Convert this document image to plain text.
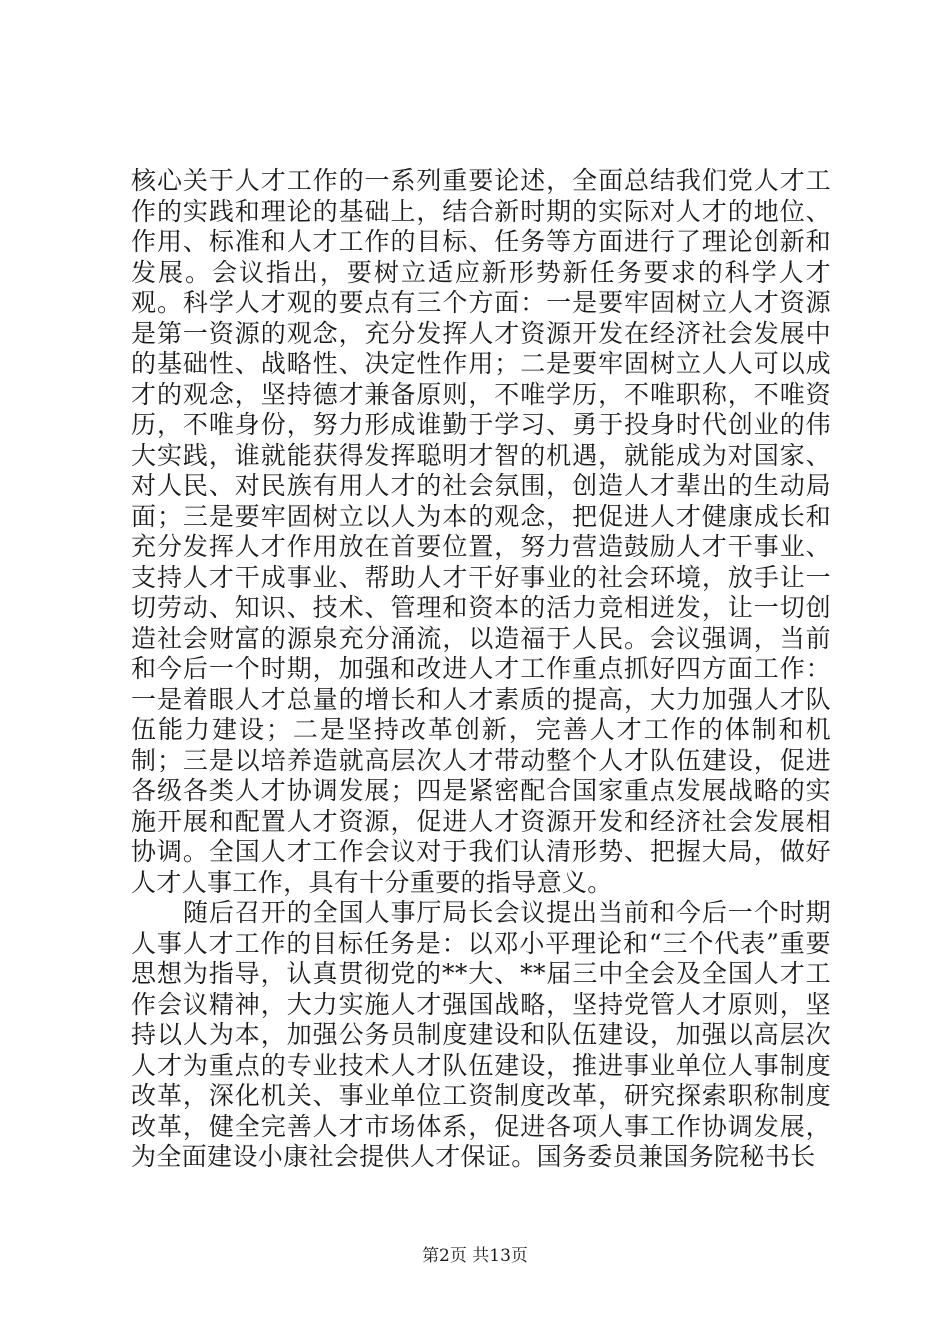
核心关于人才工作的一系列重要论述，全面总结我们党人才工作的实践和理论的基础上，结合新时期的实际对人才的地位、作用、标准和人才工作的目标、任务等方面进行了理论创新和发展。会议指出，要树立适应新形势新任务要求的科学人才观。科学人才观的要点有三个方面：一是要牢固树立人才资源是第一资源的观念，充分发挥人才资源开发在经济社会发展中的基础性、战略性、决定性作用；二是要牢固树立人人可以成才的观念，坚持德才兼备原则，不唯学历，不唯职称，不唯资历，不唯身份，努力形成谁勤于学习、勇于投身时代创业的伟大实践，谁就能获得发挥聪明才智的机遇，就能成为对国家、对人民、对民族有用人才的社会氛围，创造人才辈出的生动局面；三是要牢固树立以人为本的观念，把促进人才健康成长和充分发挥人才作用放在首要位置，努力营造鼓励人才干事业、支持人才干成事业、帮助人才干好事业的社会环境，放手让一切劳动、知识、技术、管理和资本的活力竞相迸发，让一切创造社会财富的源泉充分涌流，以造福于人民。会议强调，当前和今后一个时期，加强和改进人才工作重点抓好四方面工作：一是着眼人才总量的增长和人才素质的提高，大力加强人才队伍能力建设；二是坚持改革创新，完善人才工作的体制和机制；三是以培养造就高层次人才带动整个人才队伍建设，促进各级各类人才协调发展；四是紧密配合国家重点发展战略的实施开展和配置人才资源，促进人才资源开发和经济社会发展相协调。全国人才工作会议对于我们认清形势、把握大局，做好人才人事工作，具有十分重要的指导意义。

随后召开的全国人事厅局长会议提出当前和今后一个时期人事人才工作的目标任务是：以邓小平理论和“三个代表”重要思想为指导，认真贯彻党的**大、**届三中全会及全国人才工作会议精神，大力实施人才强国战略，坚持党管人才原则，坚持以人为本，加强公务员制度建设和队伍建设，加强以高层次人才为重点的专业技术人才队伍建设，推进事业单位人事制度改革，深化机关、事业单位工资制度改革，研究探索职称制度改革，健全完善人才市场体系，促进各项人事工作协调发展，为全面建设小康社会提供人才保证。国务委员兼国务院秘书长

第2页 共13页
